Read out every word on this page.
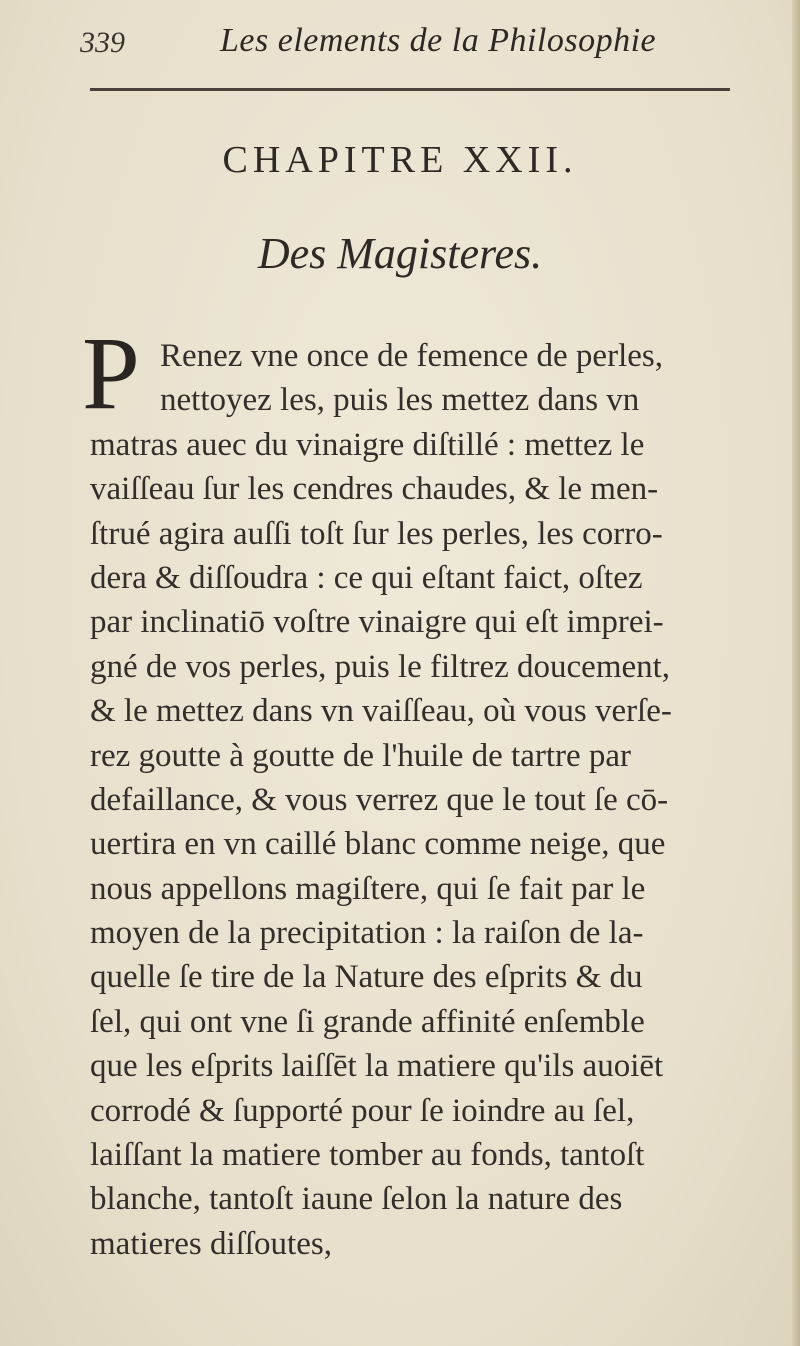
339	Les elements de la Philosophie
CHAPITRE XXII.
Des Magisteres.
P Renez vne once de femence de perles,
nettoyez les, puis les mettez dans vn
matras auec du vinaigre diſtillé : mettez le
vaiſſeau ſur les cendres chaudes, & le men-
ſtrué agira auſſi toſt ſur les perles, les corro-
dera & diſſoudra : ce qui eſtant faict, oſtez
par inclinatiō voſtre vinaigre qui eſt imprei-
gné de vos perles, puis le filtrez doucement,
& le mettez dans vn vaiſſeau, où vous verſe-
rez goutte à goutte de l'huile de tartre par
defaillance, & vous verrez que le tout ſe cō-
uertira en vn caillé blanc comme neige, que
nous appellons magiſtere, qui ſe fait par le
moyen de la precipitation : la raiſon de la-
quelle ſe tire de la Nature des eſprits & du
ſel, qui ont vne ſi grande affinité enſemble
que les eſprits laiſſēt la matiere qu'ils auoiēt
corrodé & ſupporté pour ſe ioindre au ſel,
laiſſant la matiere tomber au fonds, tantoſt
blanche, tantoſt iaune ſelon la nature des
matieres diſſoutes,
